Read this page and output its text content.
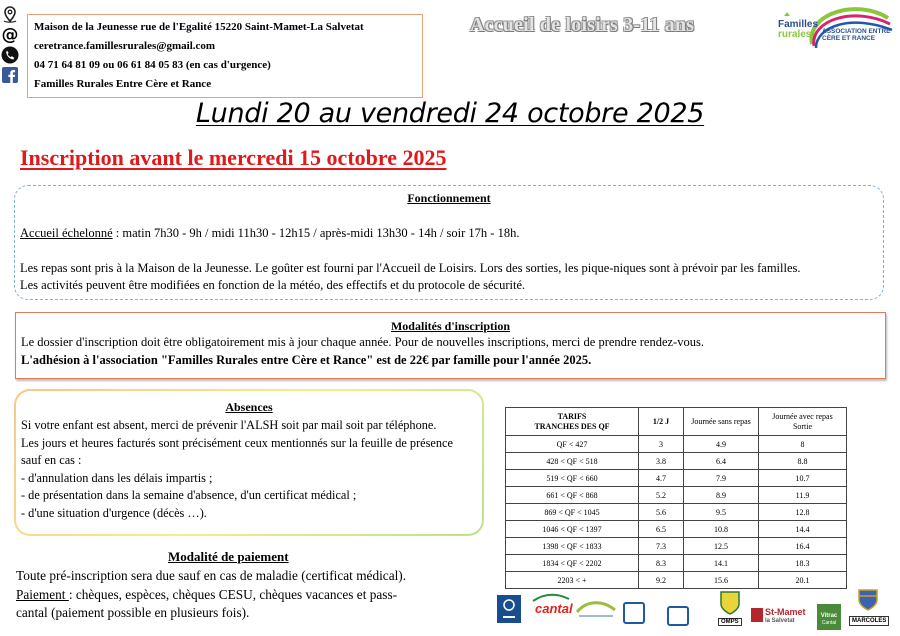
@ Maison de la Jeunesse rue de l'Egalité 15220 Saint-Mamet-La Salvetat
ceretrance.famillesrurales@gmail.com
04 71 64 81 09 ou 06 61 84 05 83 (en cas d'urgence)
Familles Rurales Entre Cère et Rance
Accueil de loisirs 3-11 ans	Familles
rurales	ASSOCIATION ENTRE
CÈRE ET RANCE
Lundi 20 au vendredi 24 octobre 2025
Inscription avant le mercredi 15 octobre 2025
Fonctionnement
Accueil échelonné : matin 7h30 - 9h / midi 11h30 - 12h15 / après-midi 13h30 - 14h / soir 17h - 18h.
Les repas sont pris à la Maison de la Jeunesse. Le goûter est fourni par l'Accueil de Loisirs. Lors des sorties, les pique-niques sont à prévoir par les familles.
Les activités peuvent être modifiées en fonction de la météo, des effectifs et du protocole de sécurité.
Modalités d'inscription
Le dossier d'inscription doit être obligatoirement mis à jour chaque année. Pour de nouvelles inscriptions, merci de prendre rendez-vous.
L'adhésion à l'association "Familles Rurales entre Cère et Rance" est de 22€ par famille pour l'année 2025.
Absences
Si votre enfant est absent, merci de prévenir l'ALSH soit par mail soit par téléphone.
Les jours et heures facturés sont précisément ceux mentionnés sur la feuille de présence
sauf en cas :
- d'annulation dans les délais impartis ;
- de présentation dans la semaine d'absence, d'un certificat médical ;
- d'une situation d'urgence (décès …).
Modalité de paiement
Toute pré-inscription sera due sauf en cas de maladie (certificat médical).
Paiement : chèques, espèces, chèques CESU, chèques vacances et pass-
cantal (paiement possible en plusieurs fois).
TARIFS
TRANCHES DES QF	1/2 J	Journée sans repas	Journée avec repas
Sortie
QF < 427	3	4.9	8
428 < QF < 518	3.8	6.4	8.8
519 < QF < 660	4.7	7.9	10.7
661 < QF < 868	5.2	8.9	11.9
869 < QF < 1045	5.6	9.5	12.8
1046 < QF < 1397	6.5	10.8	14.4
1398 < QF < 1833	7.3	12.5	16.4
1834 < QF < 2202	8.3	14.1	18.3
2203 < +	9.2	15.6	20.1
cantal
OMPS
St-Mamet
la Salvetat
Vitrac
Cantal	MARCOLES
